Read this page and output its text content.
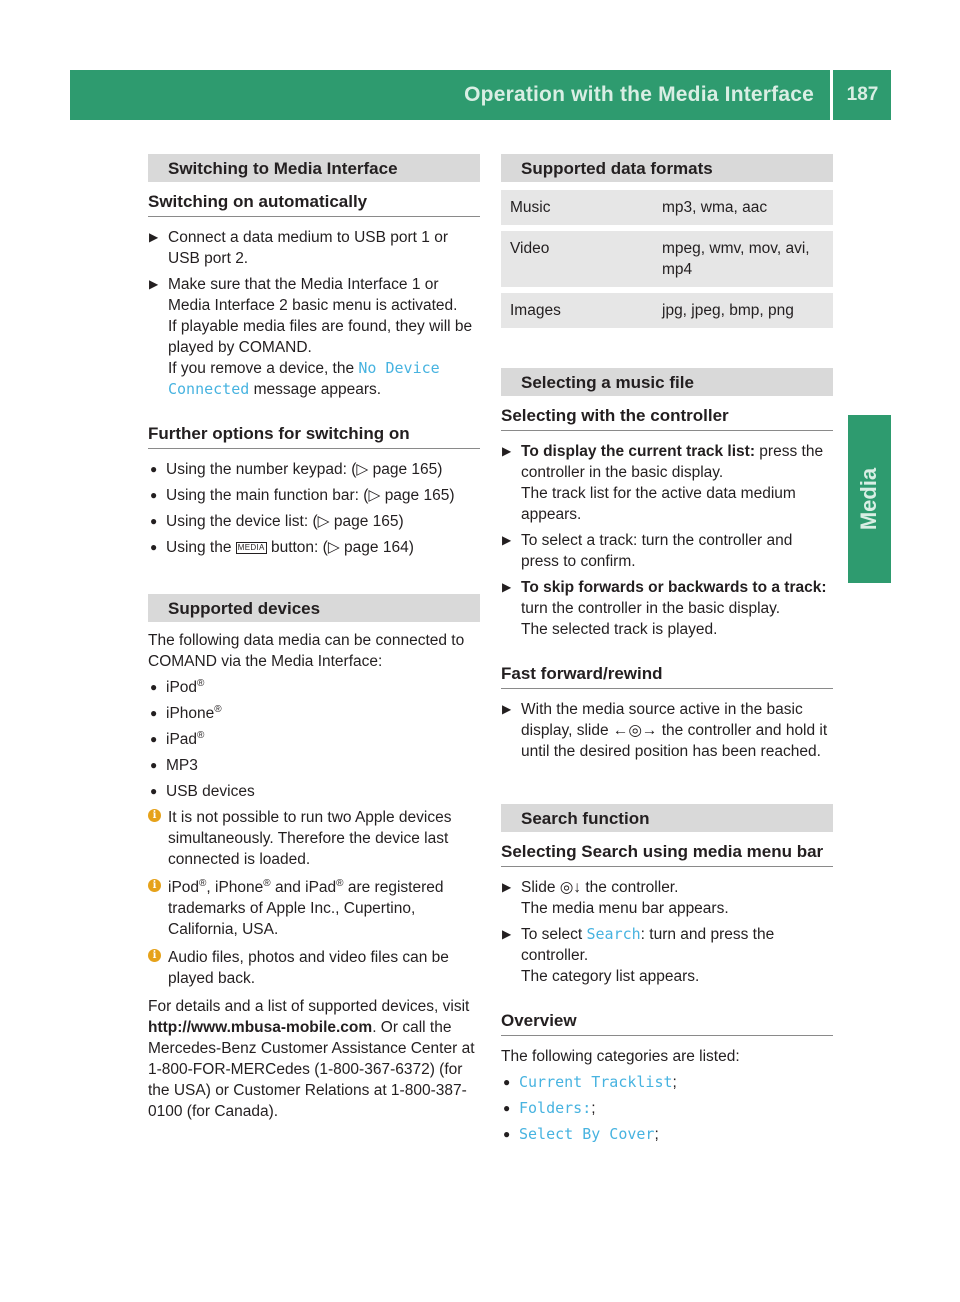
Operation with the Media Interface	187
Media
Switching to Media Interface
Switching on automatically
▶ Connect a data medium to USB port 1 or USB port 2.
▶ Make sure that the Media Interface 1 or Media Interface 2 basic menu is activated.
If playable media files are found, they will be played by COMAND.
If you remove a device, the No Device Connected message appears.
Further options for switching on
● Using the number keypad: (▷ page 165)
● Using the main function bar: (▷ page 165)
● Using the device list: (▷ page 165)
● Using the MEDIA button: (▷ page 164)
Supported devices
The following data media can be connected to COMAND via the Media Interface:
● iPod®
● iPhone®
● iPad®
● MP3
● USB devices
i It is not possible to run two Apple devices simultaneously. Therefore the device last connected is loaded.
i iPod®, iPhone® and iPad® are registered trademarks of Apple Inc., Cupertino, California, USA.
i Audio files, photos and video files can be played back.
For details and a list of supported devices, visit http://www.mbusa-mobile.com. Or call the Mercedes-Benz Customer Assistance Center at 1-800-FOR-MERCedes (1-800-367-6372) (for the USA) or Customer Relations at 1-800-387-0100 (for Canada).
Supported data formats
Music	mp3, wma, aac
Video	mpeg, wmv, mov, avi, mp4
Images	jpg, jpeg, bmp, png
Selecting a music file
Selecting with the controller
▶ To display the current track list: press the controller in the basic display.
The track list for the active data medium appears.
▶ To select a track: turn the controller and press to confirm.
▶ To skip forwards or backwards to a track: turn the controller in the basic display.
The selected track is played.
Fast forward/rewind
▶ With the media source active in the basic display, slide ←◎→ the controller and hold it until the desired position has been reached.
Search function
Selecting Search using media menu bar
▶ Slide ◎↓ the controller.
The media menu bar appears.
▶ To select Search: turn and press the controller.
The category list appears.
Overview
The following categories are listed:
● Current Tracklist;
● Folders:;
● Select By Cover;
